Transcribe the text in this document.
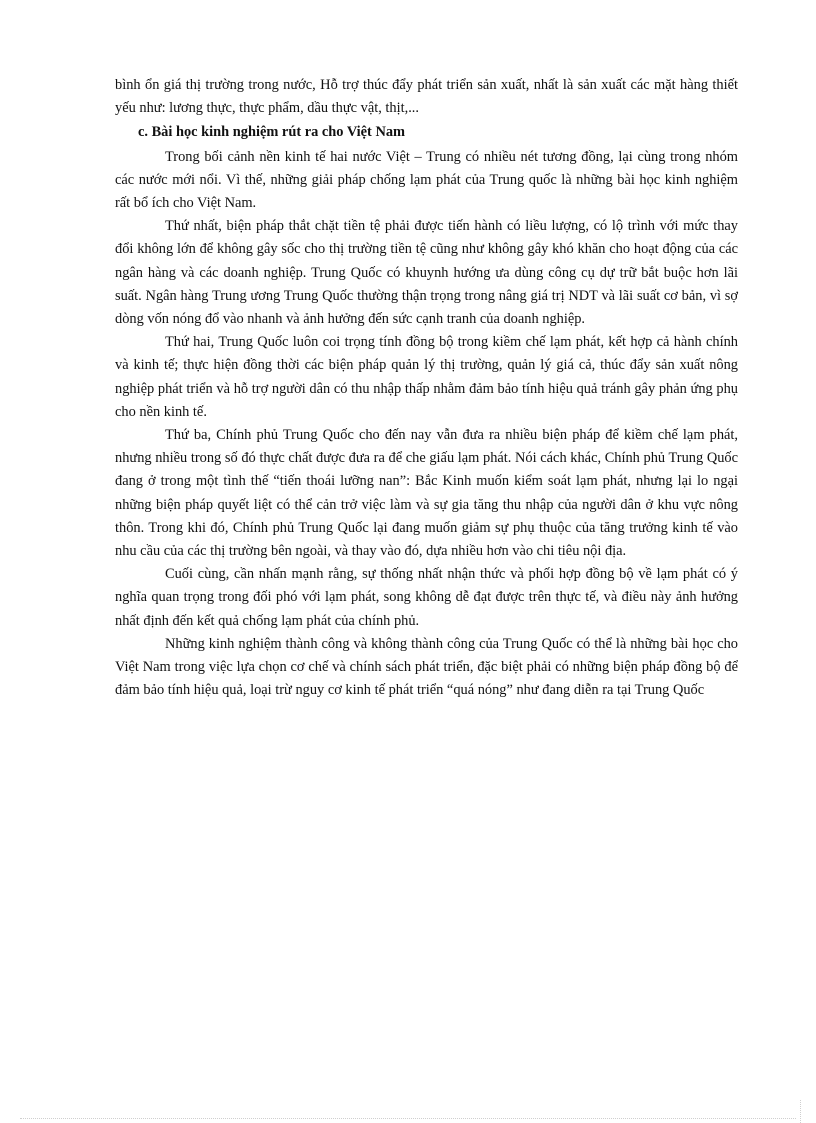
bình ổn giá thị trường trong nước, Hỗ trợ thúc đẩy phát triển sản xuất, nhất là sản xuất các mặt hàng thiết yếu như: lương thực, thực phẩm, dầu thực vật, thịt,...

c. Bài học kinh nghiệm rút ra cho Việt Nam

Trong bối cảnh nền kinh tế hai nước Việt – Trung có nhiều nét tương đồng, lại cùng trong nhóm các nước mới nổi. Vì thế, những giải pháp chống lạm phát của Trung quốc là những bài học kinh nghiệm rất bổ ích cho Việt Nam.

Thứ nhất, biện pháp thắt chặt tiền tệ phải được tiến hành có liều lượng, có lộ trình với mức thay đổi không lớn để không gây sốc cho thị trường tiền tệ cũng như không gây khó khăn cho hoạt động của các ngân hàng và các doanh nghiệp. Trung Quốc có khuynh hướng ưa dùng công cụ dự trữ bắt buộc hơn lãi suất. Ngân hàng Trung ương Trung Quốc thường thận trọng trong nâng giá trị NDT và lãi suất cơ bản, vì sợ dòng vốn nóng đổ vào nhanh và ảnh hưởng đến sức cạnh tranh của doanh nghiệp.

Thứ hai, Trung Quốc luôn coi trọng tính đồng bộ trong kiềm chế lạm phát, kết hợp cả hành chính và kinh tế; thực hiện đồng thời các biện pháp quản lý thị trường, quản lý giá cả, thúc đẩy sản xuất nông nghiệp phát triển và hỗ trợ người dân có thu nhập thấp nhằm đảm bảo tính hiệu quả tránh gây phản ứng phụ cho nền kinh tế.

Thứ ba, Chính phủ Trung Quốc cho đến nay vẫn đưa ra nhiều biện pháp để kiềm chế lạm phát, nhưng nhiều trong số đó thực chất được đưa ra để che giấu lạm phát. Nói cách khác, Chính phủ Trung Quốc đang ở trong một tình thế “tiến thoái lưỡng nan”: Bắc Kinh muốn kiểm soát lạm phát, nhưng lại lo ngại những biện pháp quyết liệt có thể cản trở việc làm và sự gia tăng thu nhập của người dân ở khu vực nông thôn. Trong khi đó, Chính phủ Trung Quốc lại đang muốn giảm sự phụ thuộc của tăng trưởng kinh tế vào nhu cầu của các thị trường bên ngoài, và thay vào đó, dựa nhiều hơn vào chi tiêu nội địa.

Cuối cùng, cần nhấn mạnh rằng, sự thống nhất nhận thức và phối hợp đồng bộ về lạm phát có ý nghĩa quan trọng trong đối phó với lạm phát, song không dễ đạt được trên thực tế, và điều này ảnh hưởng nhất định đến kết quả chống lạm phát của chính phủ.

Những kinh nghiệm thành công và không thành công của Trung Quốc có thể là những bài học cho Việt Nam trong việc lựa chọn cơ chế và chính sách phát triển, đặc biệt phải có những biện pháp đồng bộ để đảm bảo tính hiệu quả, loại trừ nguy cơ kinh tế phát triển “quá nóng” như đang diễn ra tại Trung Quốc
